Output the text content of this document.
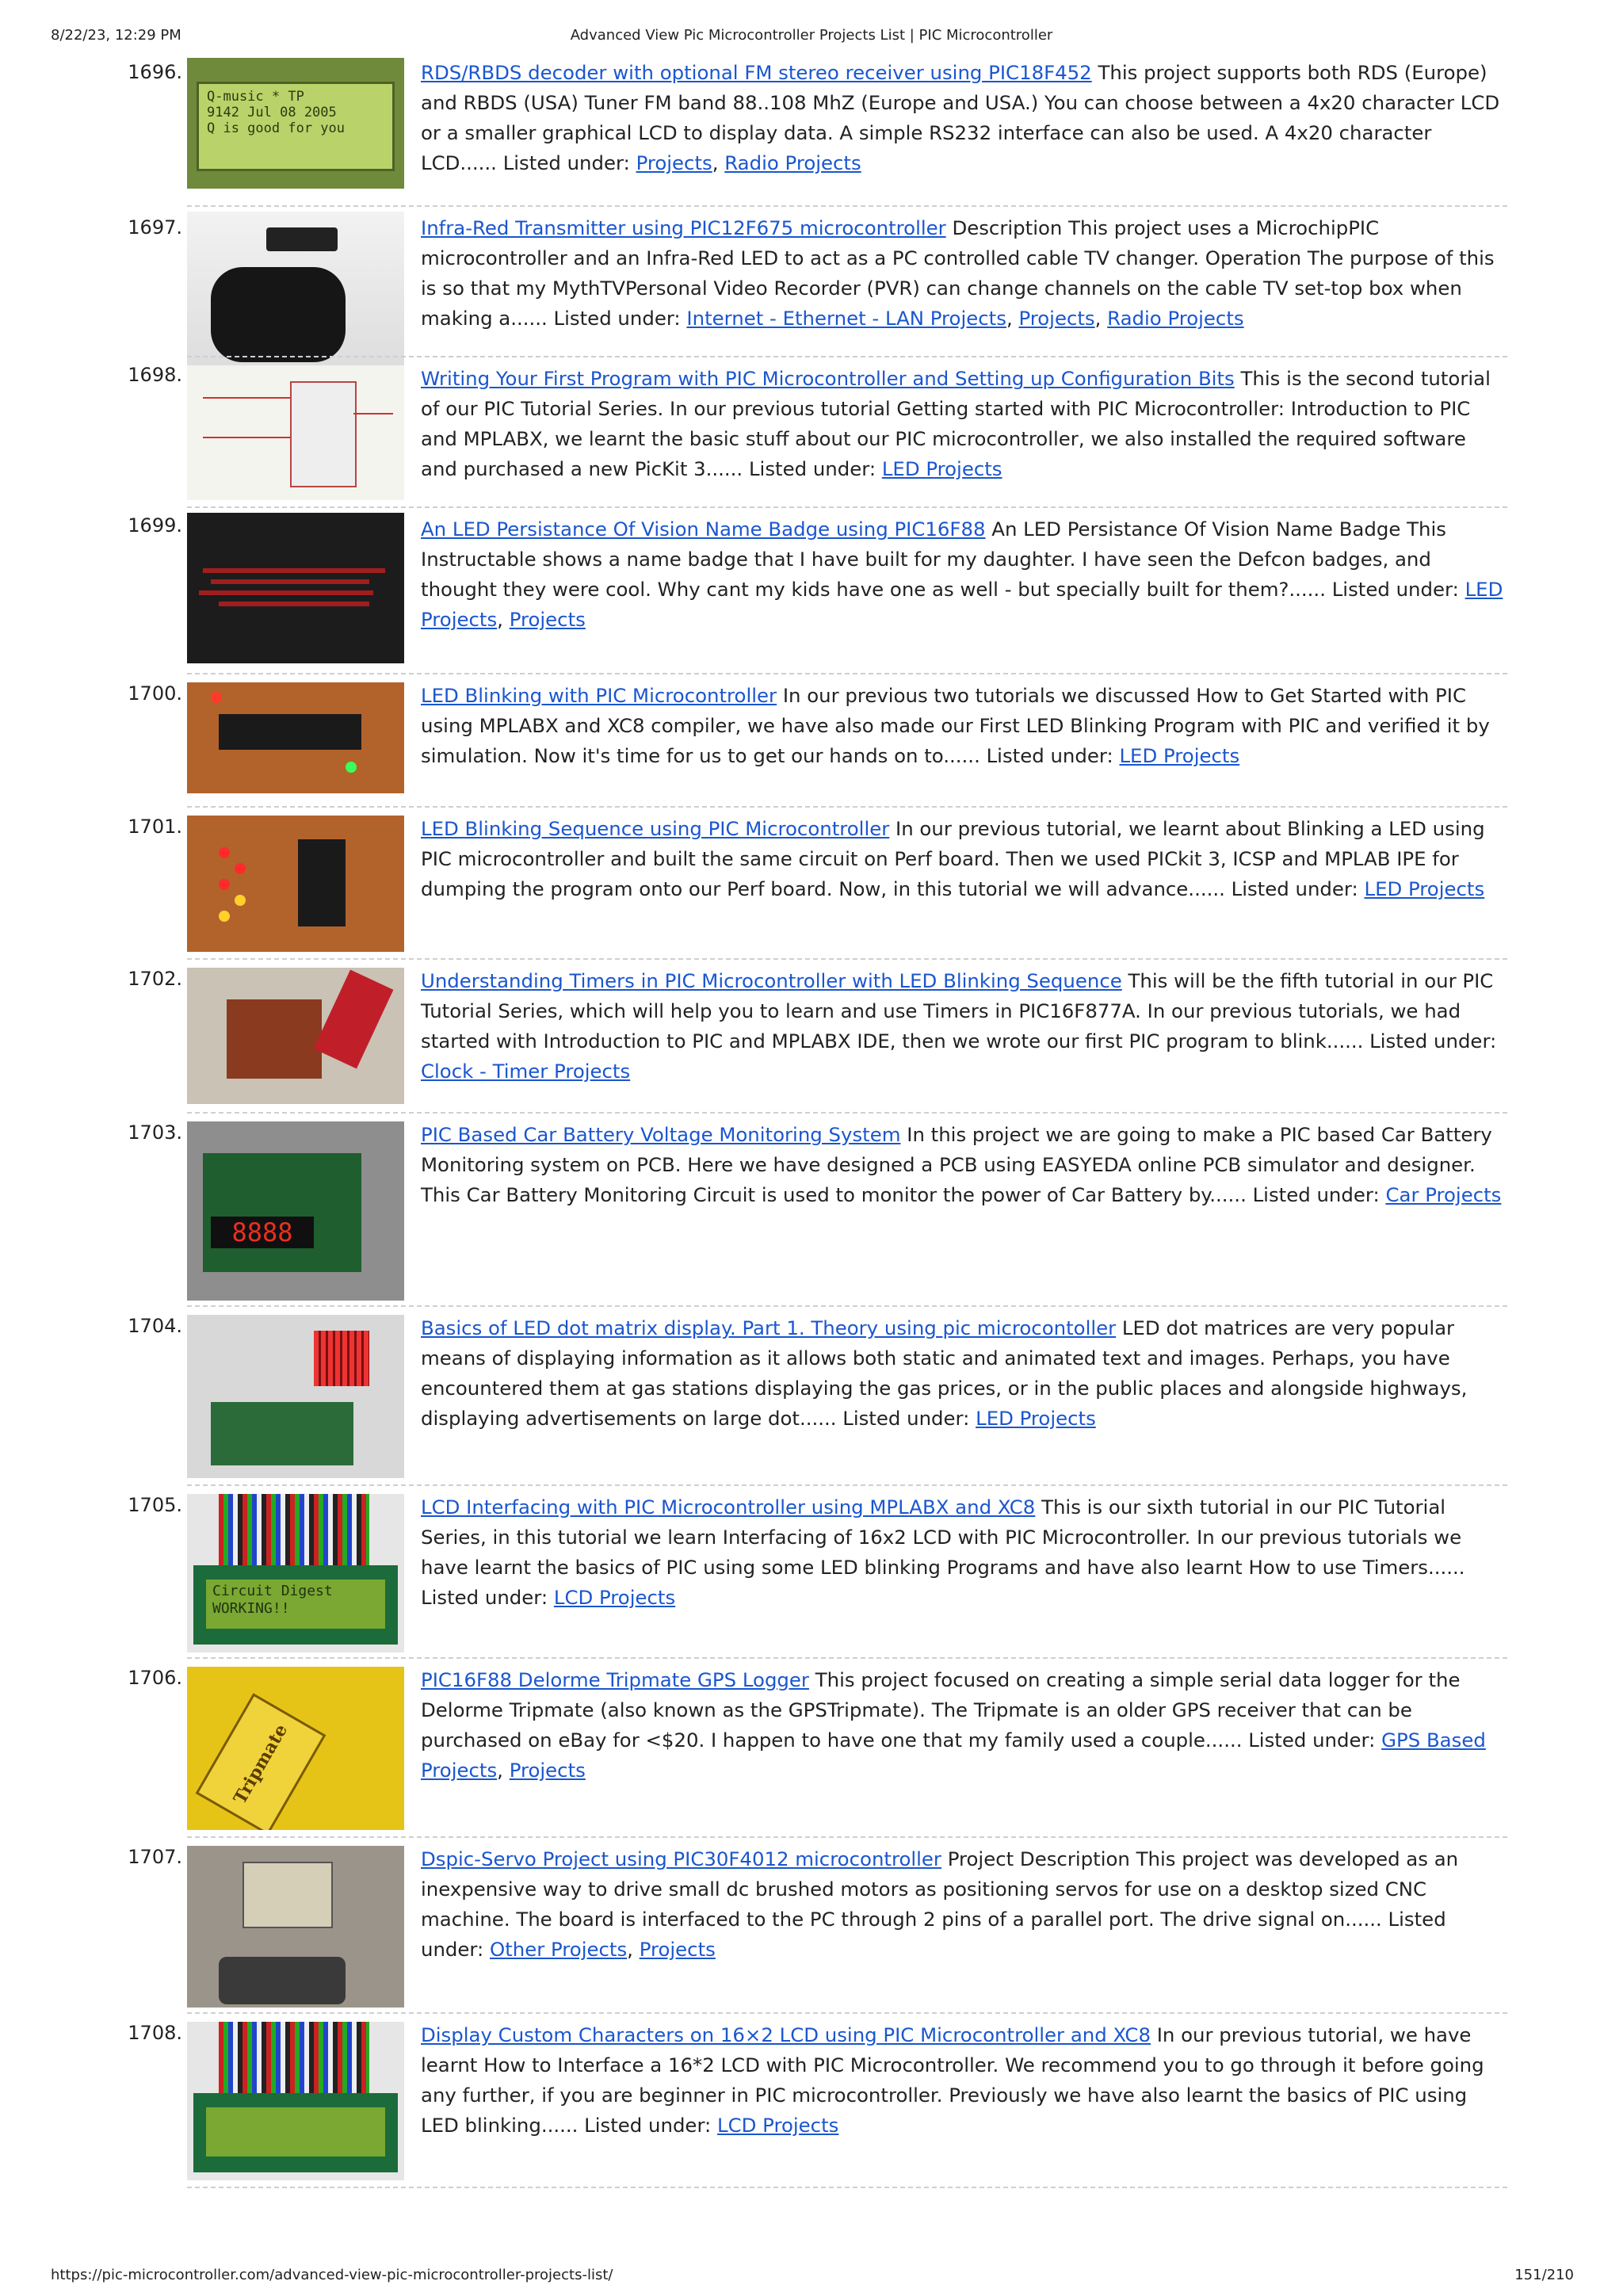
8/22/23, 12:29 PM	Advanced View Pic Microcontroller Projects List | PIC Microcontroller
1696.
Q-music * TP
9142 Jul 08 2005
Q is good for you
RDS/RBDS decoder with optional FM stereo receiver using PIC18F452 This project supports both RDS (Europe) and RBDS (USA) Tuner FM band 88..108 MhZ (Europe and USA.) You can choose between a 4x20 character LCD or a smaller graphical LCD to display data. A simple RS232 interface can also be used. A 4x20 character LCD...... Listed under: Projects, Radio Projects
1697.	Infra-Red Transmitter using PIC12F675 microcontroller Description This project uses a MicrochipPIC microcontroller and an Infra-Red LED to act as a PC controlled cable TV changer. Operation The purpose of this is so that my MythTVPersonal Video Recorder (PVR) can change channels on the cable TV set-top box when making a...... Listed under: Internet - Ethernet - LAN Projects, Projects, Radio Projects
1698.	Writing Your First Program with PIC Microcontroller and Setting up Configuration Bits This is the second tutorial of our PIC Tutorial Series. In our previous tutorial Getting started with PIC Microcontroller: Introduction to PIC and MPLABX, we learnt the basic stuff about our PIC microcontroller, we also installed the required software and purchased a new PicKit 3...... Listed under: LED Projects
1699.	An LED Persistance Of Vision Name Badge using PIC16F88 An LED Persistance Of Vision Name Badge This Instructable shows a name badge that I have built for my daughter. I have seen the Defcon badges, and thought they were cool. Why cant my kids have one as well - but specially built for them?...... Listed under: LED Projects, Projects
1700.	LED Blinking with PIC Microcontroller In our previous two tutorials we discussed How to Get Started with PIC using MPLABX and XC8 compiler, we have also made our First LED Blinking Program with PIC and verified it by simulation. Now it's time for us to get our hands on to...... Listed under: LED Projects
1701.	LED Blinking Sequence using PIC Microcontroller In our previous tutorial, we learnt about Blinking a LED using PIC microcontroller and built the same circuit on Perf board. Then we used PICkit 3, ICSP and MPLAB IPE for dumping the program onto our Perf board. Now, in this tutorial we will advance...... Listed under: LED Projects
1702.	Understanding Timers in PIC Microcontroller with LED Blinking Sequence This will be the fifth tutorial in our PIC Tutorial Series, which will help you to learn and use Timers in PIC16F877A. In our previous tutorials, we had started with Introduction to PIC and MPLABX IDE, then we wrote our first PIC program to blink...... Listed under: Clock - Timer Projects
1703.
8888
PIC Based Car Battery Voltage Monitoring System In this project we are going to make a PIC based Car Battery Monitoring system on PCB. Here we have designed a PCB using EASYEDA online PCB simulator and designer. This Car Battery Monitoring Circuit is used to monitor the power of Car Battery by...... Listed under: Car Projects
1704.	Basics of LED dot matrix display. Part 1. Theory using pic microcontoller LED dot matrices are very popular means of displaying information as it allows both static and animated text and images. Perhaps, you have encountered them at gas stations displaying the gas prices, or in the public places and alongside highways, displaying advertisements on large dot...... Listed under: LED Projects
1705.
Circuit Digest
WORKING!!
LCD Interfacing with PIC Microcontroller using MPLABX and XC8 This is our sixth tutorial in our PIC Tutorial Series, in this tutorial we learn Interfacing of 16x2 LCD with PIC Microcontroller. In our previous tutorials we have learnt the basics of PIC using some LED blinking Programs and have also learnt How to use Timers...... Listed under: LCD Projects
1706.
Tripmate
PIC16F88 Delorme Tripmate GPS Logger This project focused on creating a simple serial data logger for the Delorme Tripmate (also known as the GPSTripmate). The Tripmate is an older GPS receiver that can be purchased on eBay for <$20. I happen to have one that my family used a couple...... Listed under: GPS Based Projects, Projects
1707.	Dspic-Servo Project using PIC30F4012 microcontroller Project Description This project was developed as an inexpensive way to drive small dc brushed motors as positioning servos for use on a desktop sized CNC machine. The board is interfaced to the PC through 2 pins of a parallel port. The drive signal on...... Listed under: Other Projects, Projects
1708.	Display Custom Characters on 16×2 LCD using PIC Microcontroller and XC8 In our previous tutorial, we have learnt How to Interface a 16*2 LCD with PIC Microcontroller. We recommend you to go through it before going any further, if you are beginner in PIC microcontroller. Previously we have also learnt the basics of PIC using LED blinking...... Listed under: LCD Projects
https://pic-microcontroller.com/advanced-view-pic-microcontroller-projects-list/	151/210
